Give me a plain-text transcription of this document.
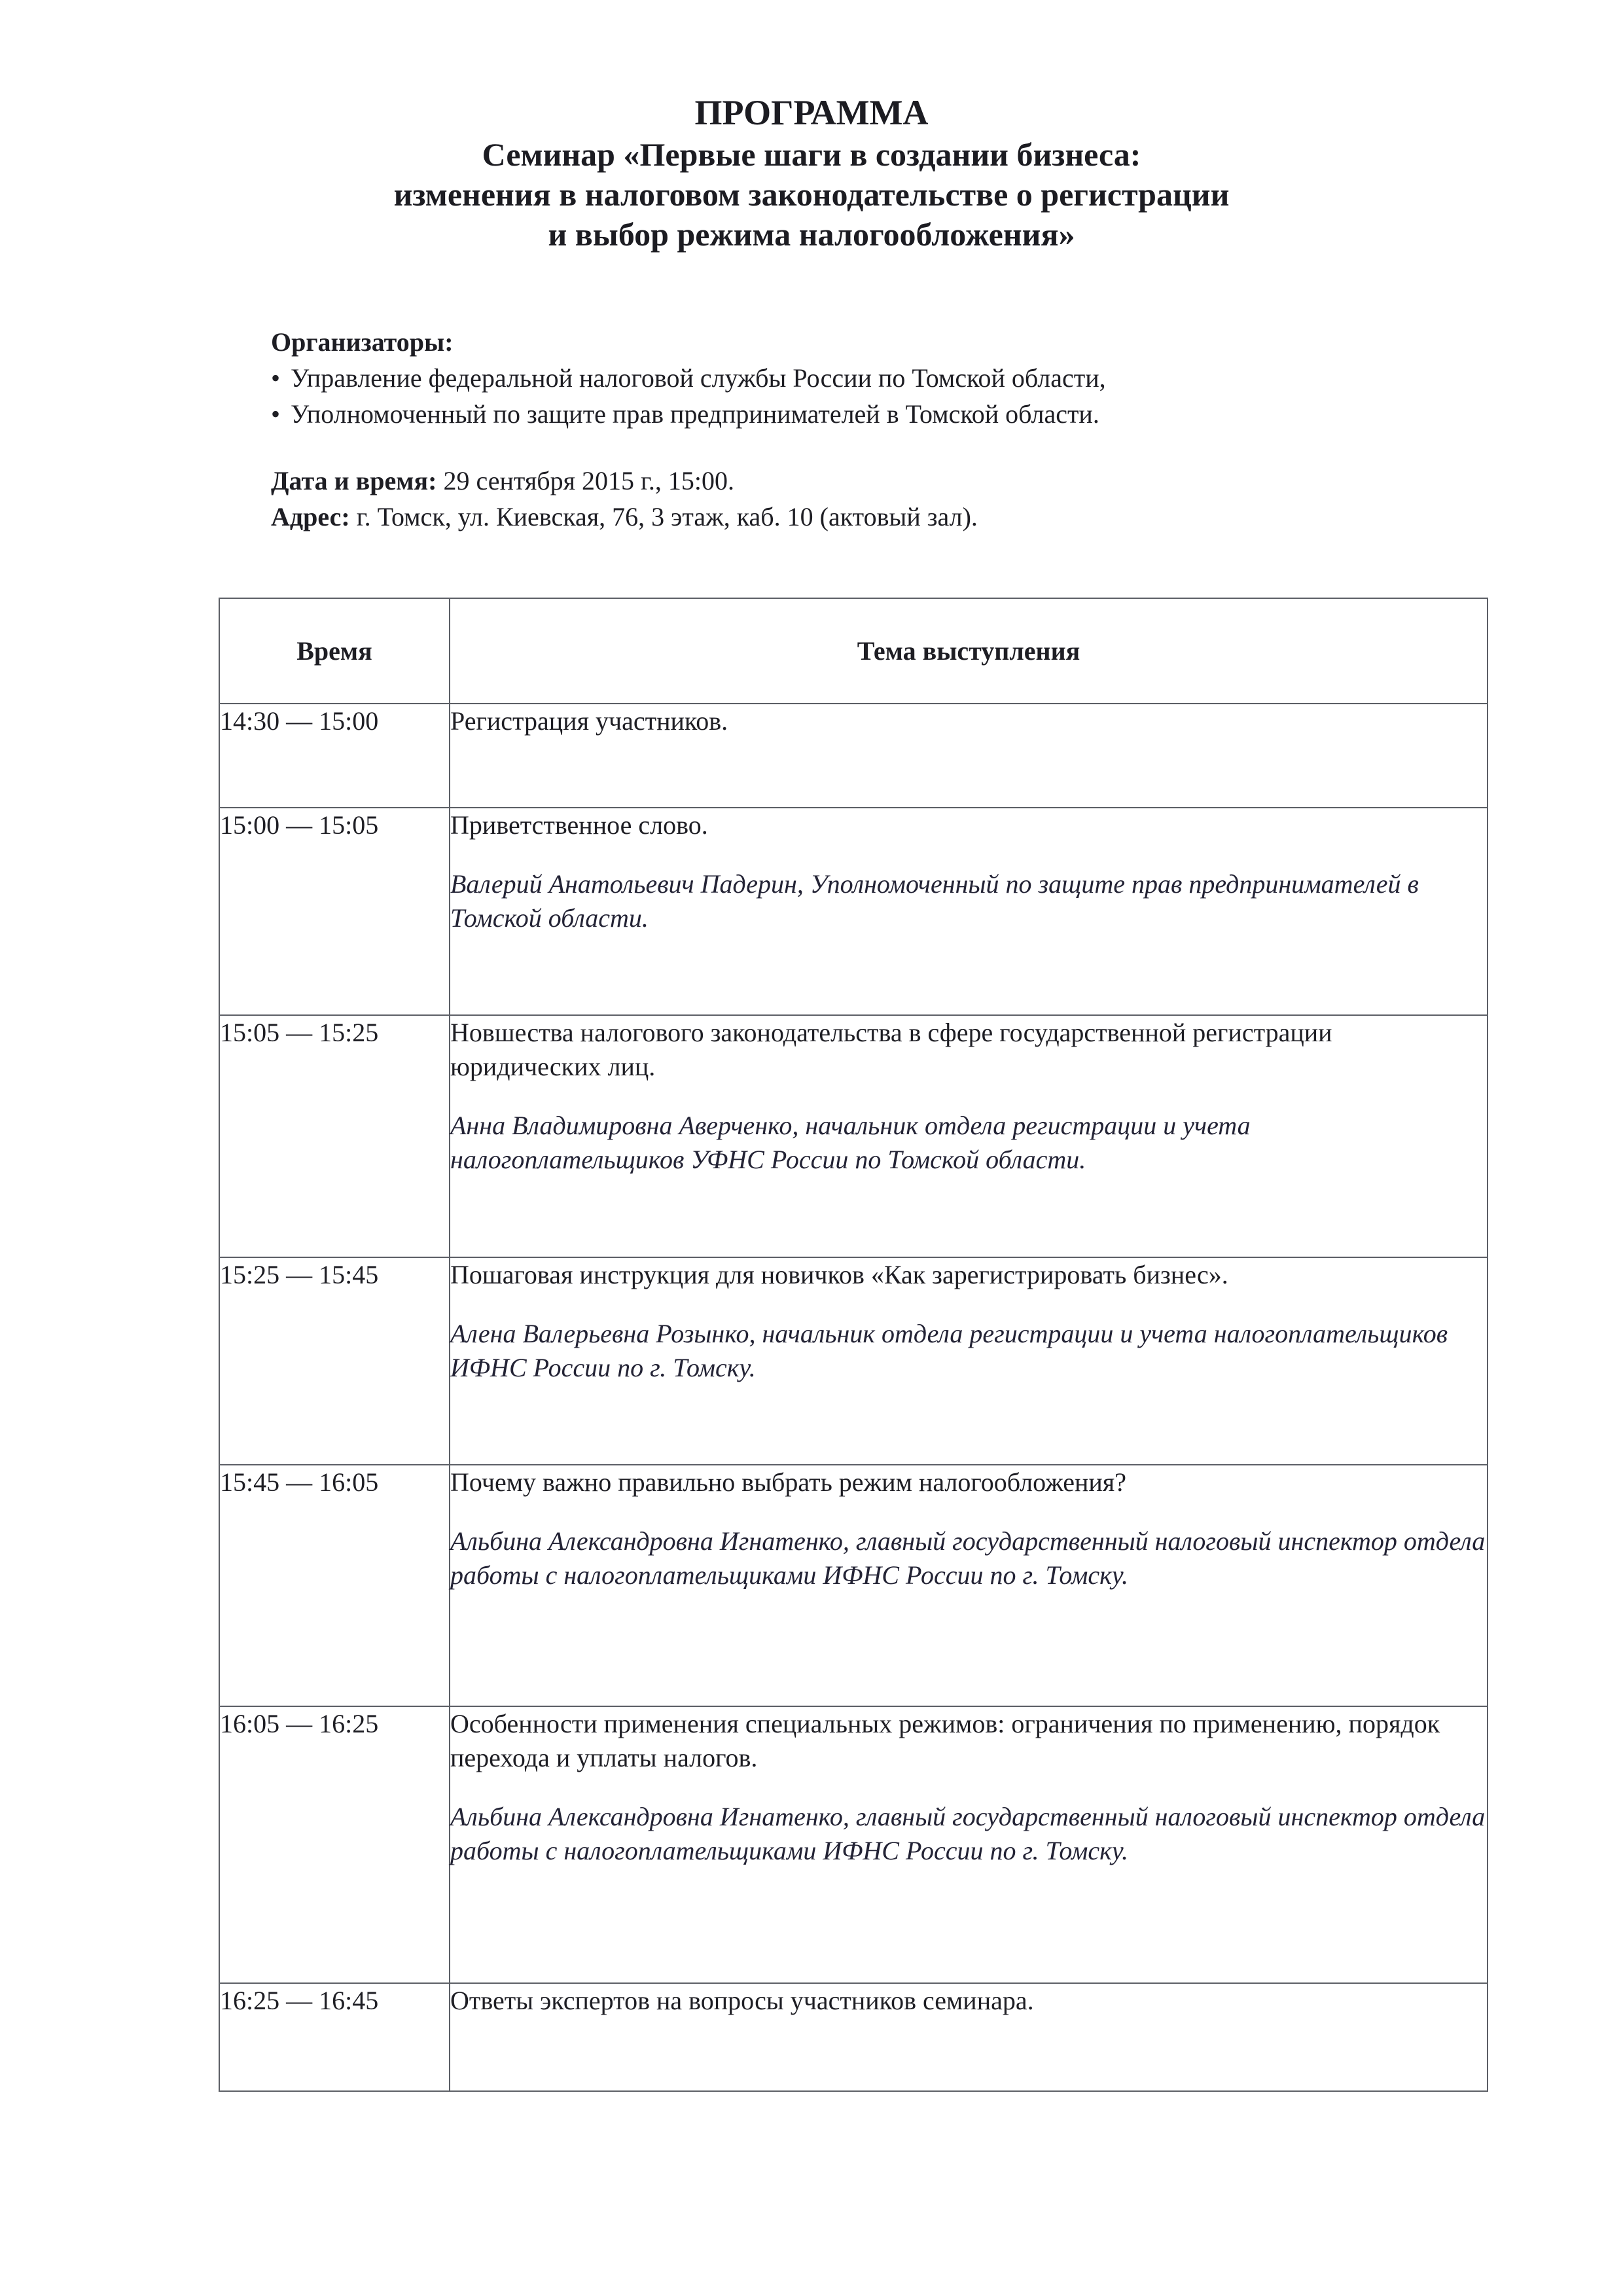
ПРОГРАММА
Семинар «Первые шаги в создании бизнеса:
изменения в налоговом законодательстве о регистрации
и выбор режима налогообложения»
Организаторы:
• Управление федеральной налоговой службы России по Томской области,
• Уполномоченный по защите прав предпринимателей в Томской области.
Дата и время: 29 сентября 2015 г., 15:00.
Адрес: г. Томск, ул. Киевская, 76, 3 этаж, каб. 10 (актовый зал).
Время	Тема выступления
14:30 — 15:00	Регистрация участников.

15:00 — 15:05	Приветственное слово.
Валерий Анатольевич Падерин, Уполномоченный по защите прав предпринимателей в Томской области.

15:05 — 15:25	Новшества налогового законодательства в сфере государственной регистрации юридических лиц.
Анна Владимировна Аверченко, начальник отдела регистрации и учета налогоплательщиков УФНС России по Томской области.

15:25 — 15:45	Пошаговая инструкция для новичков «Как зарегистрировать бизнес».
Алена Валерьевна Розынко, начальник отдела регистрации и учета налогоплательщиков ИФНС России по г. Томску.

15:45 — 16:05	Почему важно правильно выбрать режим налогообложения?
Альбина Александровна Игнатенко, главный государственный налоговый инспектор отдела работы с налогоплательщиками ИФНС России по г. Томску.

16:05 — 16:25	Особенности применения специальных режимов: ограничения по применению, порядок перехода и уплаты налогов.
Альбина Александровна Игнатенко, главный государственный налоговый инспектор отдела работы с налогоплательщиками ИФНС России по г. Томску.

16:25 — 16:45	Ответы экспертов на вопросы участников семинара.
